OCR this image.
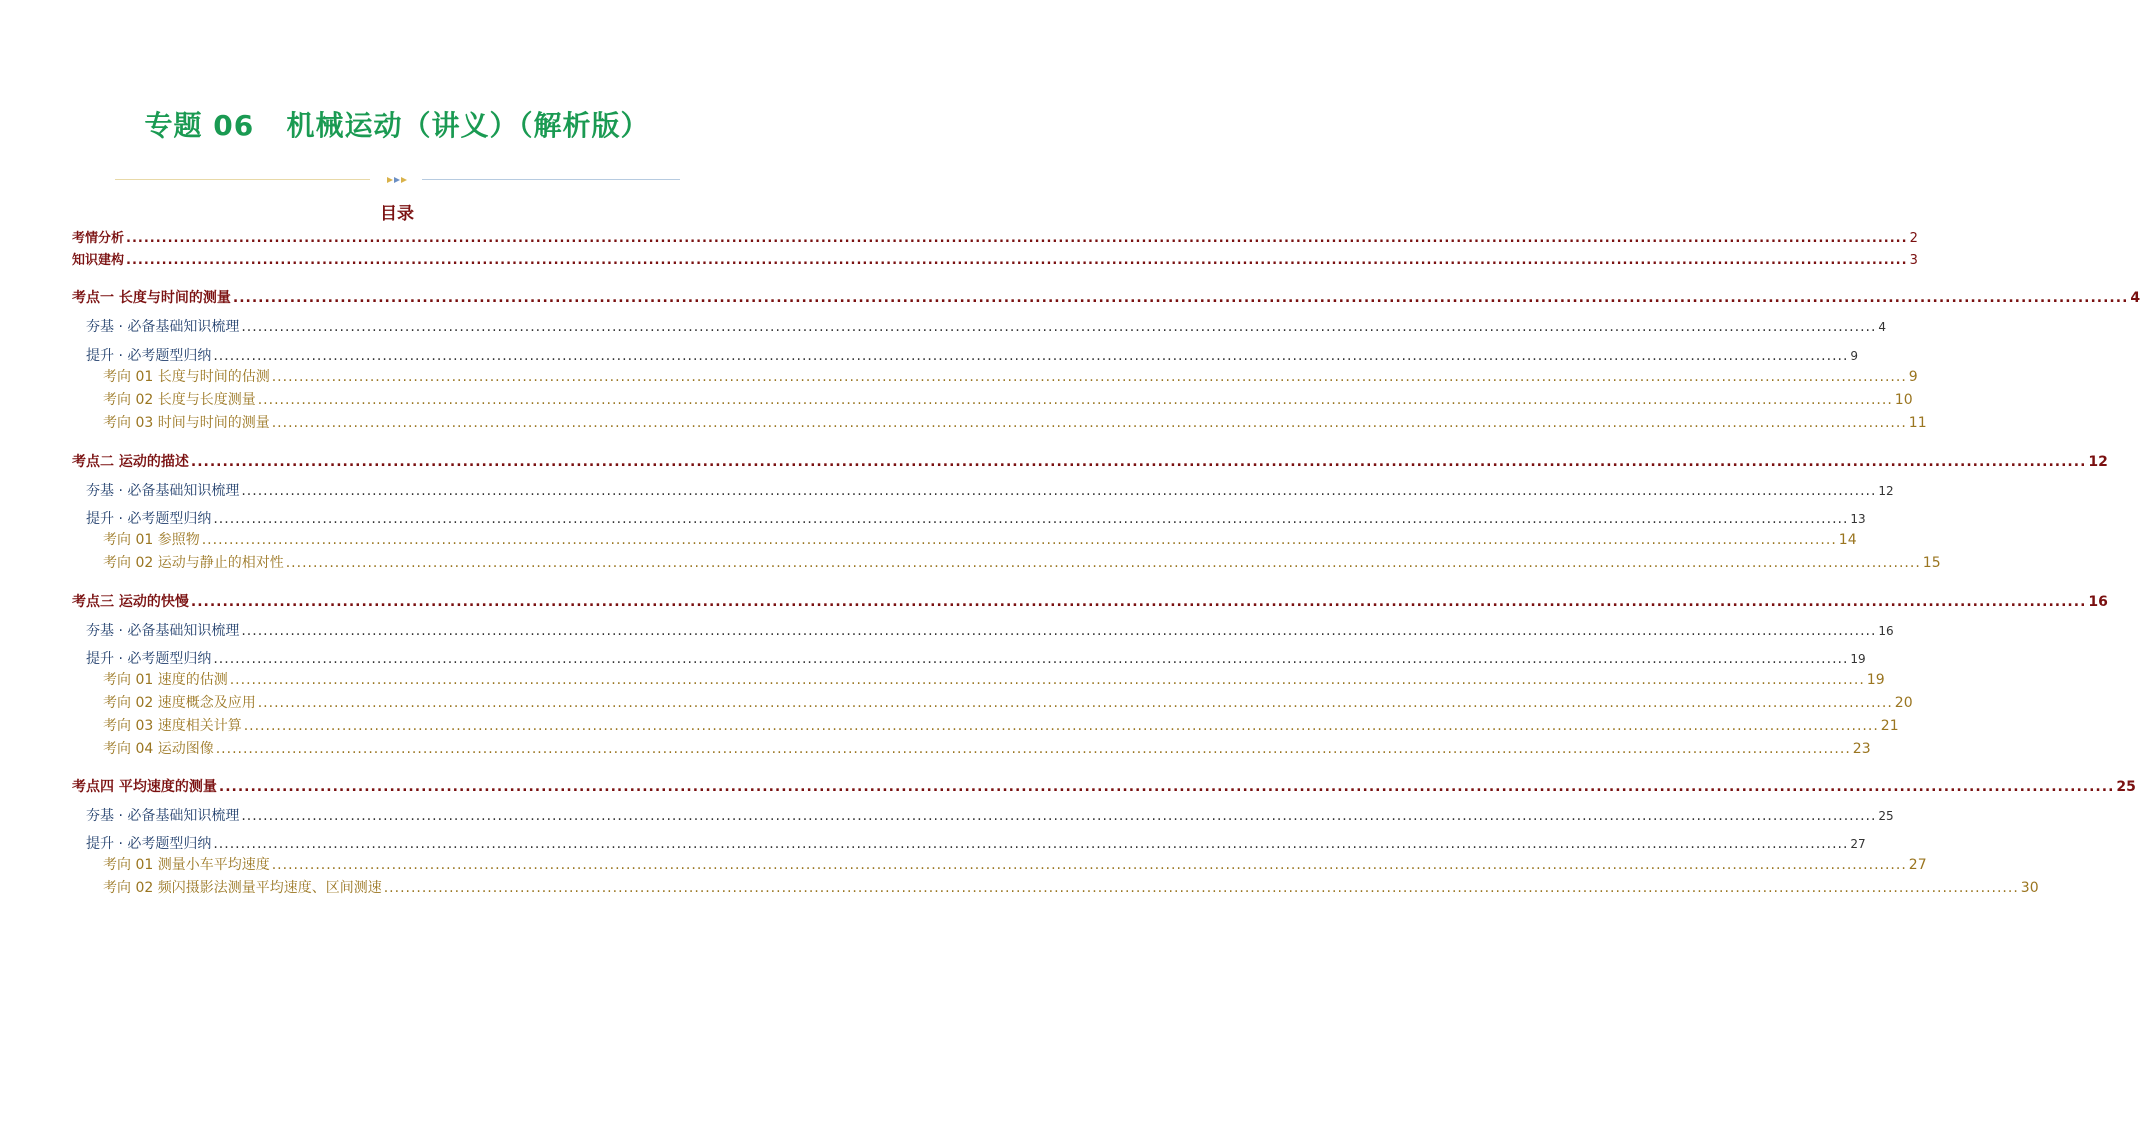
专题 06   机械运动（讲义）（解析版）
目录
考情分析 ............................................................................................................................................................................................................................................................................................................ 2
知识建构 ............................................................................................................................................................................................................................................................................................................ 3
考点一 长度与时间的测量 ............................................................................................................................................................................................................................................................................................................ 4
夯基 · 必备基础知识梳理 ............................................................................................................................................................................................................................................................................................................ 4
提升 · 必考题型归纳 ............................................................................................................................................................................................................................................................................................................ 9
考向 01 长度与时间的估测 ............................................................................................................................................................................................................................................................................................................ 9
考向 02 长度与长度测量 ............................................................................................................................................................................................................................................................................................................ 10
考向 03 时间与时间的测量 ............................................................................................................................................................................................................................................................................................................ 11
考点二 运动的描述 ............................................................................................................................................................................................................................................................................................................ 12
夯基 · 必备基础知识梳理 ............................................................................................................................................................................................................................................................................................................ 12
提升 · 必考题型归纳 ............................................................................................................................................................................................................................................................................................................ 13
考向 01 参照物 ............................................................................................................................................................................................................................................................................................................ 14
考向 02 运动与静止的相对性 ............................................................................................................................................................................................................................................................................................................ 15
考点三 运动的快慢 ............................................................................................................................................................................................................................................................................................................ 16
夯基 · 必备基础知识梳理 ............................................................................................................................................................................................................................................................................................................ 16
提升 · 必考题型归纳 ............................................................................................................................................................................................................................................................................................................ 19
考向 01 速度的估测 ............................................................................................................................................................................................................................................................................................................ 19
考向 02 速度概念及应用 ............................................................................................................................................................................................................................................................................................................ 20
考向 03 速度相关计算 ............................................................................................................................................................................................................................................................................................................ 21
考向 04 运动图像 ............................................................................................................................................................................................................................................................................................................ 23
考点四 平均速度的测量 ............................................................................................................................................................................................................................................................................................................ 25
夯基 · 必备基础知识梳理 ............................................................................................................................................................................................................................................................................................................ 25
提升 · 必考题型归纳 ............................................................................................................................................................................................................................................................................................................ 27
考向 01 测量小车平均速度 ............................................................................................................................................................................................................................................................................................................ 27
考向 02 频闪摄影法测量平均速度、区间测速 ............................................................................................................................................................................................................................................................................................................ 30
